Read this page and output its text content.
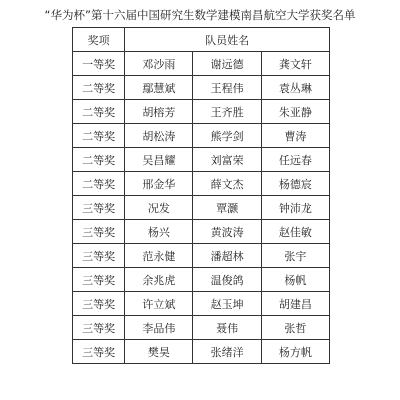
“华为杯”第十六届中国研究生数学建模南昌航空大学获奖名单
奖项	队员姓名		
一等奖	邓沙雨	谢远德	龚文轩
二等奖	鄢慧斌	王程伟	袁丛琳
二等奖	胡榕芳	王齐胜	朱亚静
二等奖	胡松涛	熊学剑	曹涛
二等奖	吴昌耀	刘富荣	任远春
二等奖	邢金华	薛文杰	杨德宸
三等奖	况发	覃灏	钟沛龙
三等奖	杨兴	黄波涛	赵佳敏
三等奖	范永健	潘超林	张宇
三等奖	余兆虎	温俊鸽	杨帆
三等奖	许立斌	赵玉坤	胡建昌
三等奖	李品伟	聂伟	张哲
三等奖	樊昊	张绪洋	杨方帆
